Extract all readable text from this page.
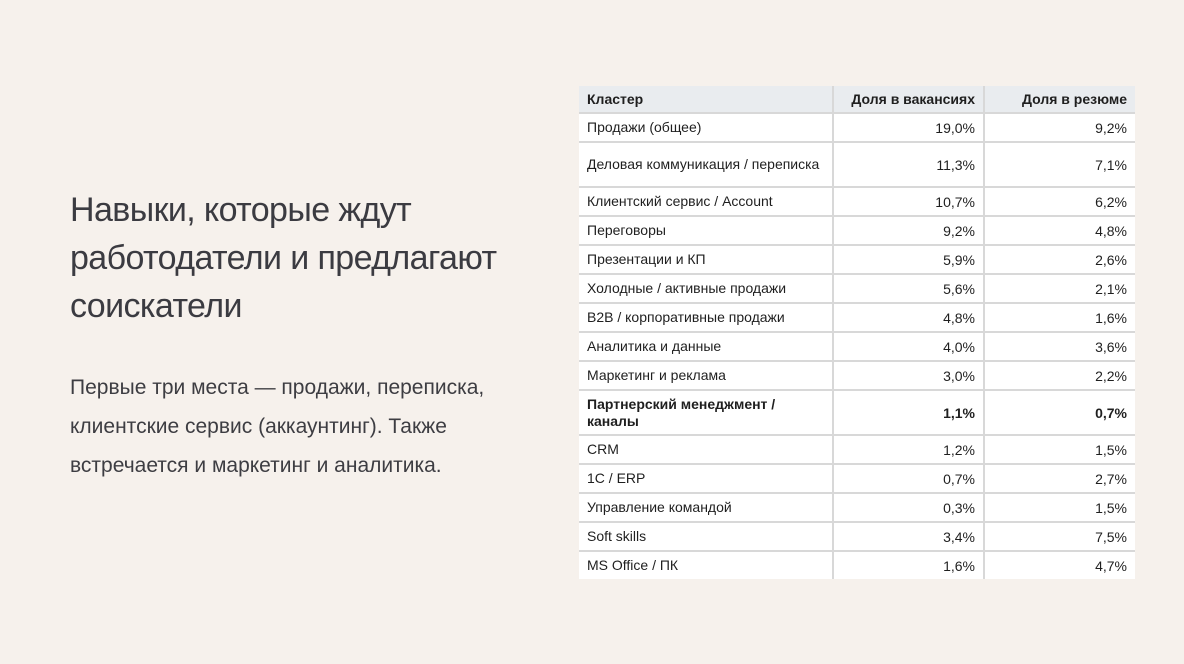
Навыки, которые ждут работодатели и предлагают соискатели

Первые три места — продажи, переписка, клиентские сервис (аккаунтинг). Также встречается и маркетинг и аналитика.

Кластер	Доля в вакансиях	Доля в резюме
Продажи (общее)	19,0%	9,2%
Деловая коммуникация / переписка	11,3%	7,1%
Клиентский сервис / Account	10,7%	6,2%
Переговоры	9,2%	4,8%
Презентации и КП	5,9%	2,6%
Холодные / активные продажи	5,6%	2,1%
B2B / корпоративные продажи	4,8%	1,6%
Аналитика и данные	4,0%	3,6%
Маркетинг и реклама	3,0%	2,2%
Партнерский менеджмент / каналы	1,1%	0,7%
CRM	1,2%	1,5%
1C / ERP	0,7%	2,7%
Управление командой	0,3%	1,5%
Soft skills	3,4%	7,5%
MS Office / ПК	1,6%	4,7%
